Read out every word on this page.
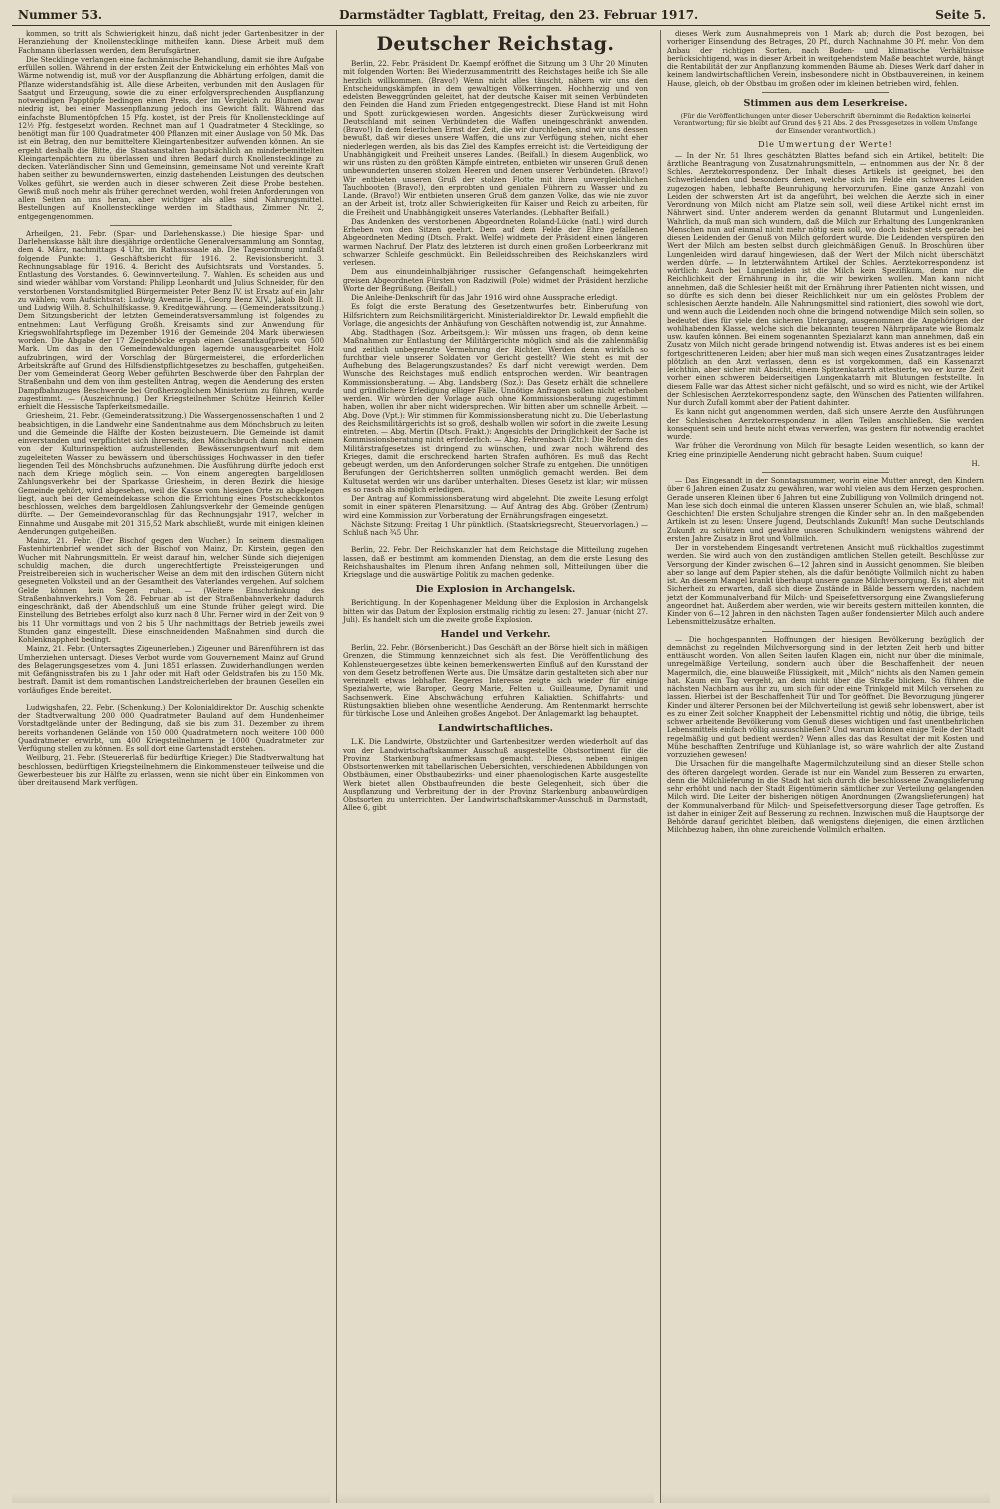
Nummer 53.	Darmstädter Tagblatt, Freitag, den 23. Februar 1917.	Seite 5.

kommen, so tritt als Schwierigkeit hinzu, daß nicht jeder Gartenbesitzer in der Heranziehung der Knollenstecklinge mitheifen kann. Diese Arbeit muß dem Fachmann überlassen werden, dem Berufsgärtner.

Die Stecklinge verlangen eine fachmännische Behandlung, damit sie ihre Aufgabe erfüllen sollen. Während in der ersten Zeit der Entwickelung ein erhöhtes Maß von Wärme notwendig ist, muß vor der Auspflanzung die Abhärtung erfolgen, damit die Pflanze widerstandsfähig ist. Alle diese Arbeiten, verbunden mit den Auslagen für Saatgut und Erzeugung, sowie die zu einer erfolgversprechenden Auspflanzung notwendigen Papptöpfe bedingen einen Preis, der im Vergleich zu Blumen zwar niedrig ist, bei einer Massenpflanzung jedoch ins Gewicht fällt. Während das einfachste Blumentöpfchen 15 Pfg. kostet, ist der Preis für Knollenstecklinge auf 12½ Pfg. festgesetzt worden. Rechnet man auf 1 Quadratmeter 4 Stecklinge, so benötigt man für 100 Quadratmeter 400 Pflanzen mit einer Auslage von 50 Mk. Das ist ein Betrag, den nur bemitteltere Kleingartenbesitzer aufwenden können. An sie ergeht deshalb die Bitte, die Staatsanstalten hauptsächlich an minderbemittelten Kleingartenpächtern zu überlassen und ihren Bedarf durch Knollenstecklinge zu decken. Vaterländischer Sinn und Gemeinsinn, gemeinsame Not und vereinte Kraft haben seither zu bewundernswerten, einzig dastehenden Leistungen des deutschen Volkes geführt, sie werden auch in dieser schweren Zeit diese Probe bestehen. Gewiß muß noch mehr als früher gerechnet werden, wohl freien Anforderungen von allen Seiten an uns heran, aber wichtiger als alles sind Nahrungsmittel. Bestellungen auf Knollenstecklinge werden im Stadthaus, Zimmer Nr. 2, entgegengenommen.

Arheilgen, 21. Febr. (Spar- und Darlehenskasse.) Die hiesige Spar- und Darlehenskasse hält ihre diesjährige ordentliche Generalversammlung am Sonntag, dem 4. März, nachmittags 4 Uhr, im Rathaussaale ab. Die Tagesordnung umfaßt folgende Punkte: 1. Geschäftsbericht für 1916. 2. Revisionsbericht. 3. Rechnungsablage für 1916. 4. Bericht des Aufsichtsrats und Vorstandes. 5. Entlastung des Vorstandes. 6. Gewinnverteilung. 7. Wahlen. Es scheiden aus und sind wieder wählbar vom Vorstand: Philipp Leonhardt und Julius Schneider, für den verstorbenen Vorstandsmitglied Bürgermeister Peter Benz IV. ist Ersatz auf ein Jahr zu wählen; vom Aufsichtsrat: Ludwig Avemarie II., Georg Benz XIV., Jakob Bolt II. und Ludwig Wilh. 8. Schulhilfskasse. 9. Kreditgewährung. — (Gemeinderatssitzung.) Dem Sitzungsbericht der letzten Gemeinderatsversammlung ist folgendes zu entnehmen: Laut Verfügung Großh. Kreisamts sind zur Anwendung für Kriegswohlfahrtspflege im Dezember 1916 der Gemeinde 204 Mark überwiesen worden. Die Abgabe der 17 Ziegenböcke ergab einen Gesamtkaufpreis von 500 Mark. Um das in den Gemeindewaldungen lagernde unausgearbeitet Holz aufzubringen, wird der Vorschlag der Bürgermeisterei, die erforderlichen Arbeitskräfte auf Grund des Hilfsdienstpflichtgesetzes zu beschaffen, gutgeheißen. Der vom Gemeinderat Georg Weber geführten Beschwerde über den Fahrplan der Straßenbahn und dem von ihm gestellten Antrag, wegen die Aenderung des ersten Dampfbahnzuges Beschwerde bei Großherzoglichem Ministerium zu führen, wurde zugestimmt. — (Auszeichnung.) Der Kriegsteilnehmer Schütze Heinrich Keller erhielt die Hessische Tapferkeitsmedaille.

Griesheim, 21. Febr. (Gemeinderatssitzung.) Die Wassergenossenschaften 1 und 2 beabsichtigen, in die Landwehr eine Sandentnahme aus dem Mönchsbruch zu leiten und die Gemeinde die Hälfte der Kosten beizusteuern. Die Gemeinde ist damit einverstanden und verpflichtet sich ihrerseits, den Mönchsbruch dann nach einem von der Kulturinspektion aufzustellenden Bewässerungsentwurf mit dem zugeleiteten Wasser zu bewässern und überschüssiges Hochwasser in den tiefer liegenden Teil des Mönchsbruchs aufzunehmen. Die Ausführung dürfte jedoch erst nach dem Kriege möglich sein. — Von einem angeregten bargeldlosen Zahlungsverkehr bei der Sparkasse Griesheim, in deren Bezirk die hiesige Gemeinde gehört, wird abgesehen, weil die Kasse vom hiesigen Orte zu abgelegen liegt, auch bei der Gemeindekasse schon die Errichtung eines Postscheckkontos beschlossen, welches dem bargeldlosen Zahlungsverkehr der Gemeinde genügen dürfte. — Der Gemeindevoranschlag für das Rechnungsjahr 1917, welcher in Einnahme und Ausgabe mit 201 315,52 Mark abschließt, wurde mit einigen kleinen Aenderungen gutgeheißen.

Mainz, 21. Febr. (Der Bischof gegen den Wucher.) In seinem diesmaligen Fastenhirtenbrief wendet sich der Bischof von Mainz, Dr. Kirstein, gegen den Wucher mit Nahrungsmitteln. Er weist darauf hin, welcher Sünde sich diejenigen schuldig machen, die durch ungerechtfertigte Preissteigerungen und Preistreibereien sich in wucherischer Weise an dem mit den irdischen Gütern nicht gesegneten Volksteil und an der Gesamtheit des Vaterlandes vergehen. Auf solchem Gelde können kein Segen ruhen. — (Weitere Einschränkung des Straßenbahnverkehrs.) Vom 28. Februar ab ist der Straßenbahnverkehr dadurch eingeschränkt, daß der Abendschluß um eine Stunde früher gelegt wird. Die Einstellung des Betriebes erfolgt also kurz nach 8 Uhr. Ferner wird in der Zeit von 9 bis 11 Uhr vormittags und von 2 bis 5 Uhr nachmittags der Betrieb jeweils zwei Stunden ganz eingestellt. Diese einschneidenden Maßnahmen sind durch die Kohlenknappheit bedingt.

Mainz, 21. Febr. (Untersagtes Zigeunerleben.) Zigeuner und Bärenführern ist das Umherziehen untersagt. Dieses Verbot wurde vom Gouvernement Mainz auf Grund des Belagerungsgesetzes vom 4. Juni 1851 erlassen. Zuwiderhandlungen werden mit Gefängnisstrafen bis zu 1 Jahr oder mit Haft oder Geldstrafen bis zu 150 Mk. bestraft. Damit ist dem romantischen Landstreicherleben der braunen Gesellen ein vorläufiges Ende bereitet.

Ludwigshafen, 22. Febr. (Schenkung.) Der Kolonialdirektor Dr. Auschig schenkte der Stadtverwaltung 200 000 Quadratmeter Bauland auf dem Hundenheimer Vorstadtgelände unter der Bedingung, daß sie bis zum 31. Dezember zu ihrem bereits vorhandenen Gelände von 150 000 Quadratmetern noch weitere 100 000 Quadratmeter erwirbt, um 400 Kriegsteilnehmern je 1000 Quadratmeter zur Verfügung stellen zu können. Es soll dort eine Gartenstadt erstehen.

Weilburg, 21. Febr. (Steuererlaß für bedürftige Krieger.) Die Stadtverwaltung hat beschlossen, bedürftigen Kriegsteilnehmern die Einkommensteuer teilweise und die Gewerbesteuer bis zur Hälfte zu erlassen, wenn sie nicht über ein Einkommen von über dreitausend Mark verfügen.

Deutscher Reichstag.

Berlin, 22. Febr. Präsident Dr. Kaempf eröffnet die Sitzung um 3 Uhr 20 Minuten mit folgenden Worten: Bei Wiederzusammentritt des Reichstages heiße ich Sie alle herzlich willkommen. (Bravo!) Wenn nicht alles täuscht, nähern wir uns den Entscheidungskämpfen in dem gewaltigen Völkerringen. Hochherzig und von edelsten Beweggründen geleitet, hat der deutsche Kaiser mit seinen Verbündeten den Feinden die Hand zum Frieden entgegengestreckt. Diese Hand ist mit Hohn und Spott zurückgewiesen worden. Angesichts dieser Zurückweisung wird Deutschland mit seinen Verbündeten die Waffen uneingeschränkt anwenden. (Bravo!) In dem feierlichen Ernst der Zeit, die wir durchleben, sind wir uns dessen bewußt, daß wir dieses unsere Waffen, die uns zur Verfügung stehen, nicht eher niederlegen werden, als bis das Ziel des Kampfes erreicht ist: die Verteidigung der Unabhängigkeit und Freiheit unseres Landes. (Beifall.) In diesem Augenblick, wo wir uns rüsten zu den größten Kämpfe eintreten, entbieten wir unseren Gruß denen unbewunderten unseren stolzen Heeren und denen unserer Verbündeten. (Bravo!) Wir entbieten unseren Gruß der stolzen Flotte mit ihren unvergleichlichen Tauchbooten (Bravo!), den erprobten und genialen Führern zu Wasser und zu Lande. (Bravo!) Wir entbieten unseren Gruß dem ganzen Volke, das wie nie zuvor an der Arbeit ist, trotz aller Schwierigkeiten für Kaiser und Reich zu arbeiten, für die Freiheit und Unabhängigkeit unseres Vaterlandes. (Lebhafter Beifall.)

Das Andenken des verstorbenen Abgeordneten Roland-Lücke (natl.) wird durch Erheben von den Sitzen geehrt. Dem auf dem Felde der Ehre gefallenen Abgeordneten Meding (Dtsch. Frakt. Welfe) widmete der Präsident einen längeren warmen Nachruf. Der Platz des letzteren ist durch einen großen Lorbeerkranz mit schwarzer Schleife geschmückt. Ein Beileidsschreiben des Reichskanzlers wird verlesen.

Dem aus einundeinhalbjähriger russischer Gefangenschaft heimgekehrten greisen Abgeordneten Fürsten von Radziwill (Pole) widmet der Präsident herzliche Worte der Begrüßung. (Beifall.)

Die Anleihe-Denkschrift für das Jahr 1916 wird ohne Aussprache erledigt.

Es folgt die erste Beratung des Gesetzentwurfes betr. Einberufung von Hilfsrichtern zum Reichsmilitärgericht. Ministerialdirektor Dr. Lewald empfiehlt die Vorlage, die angesichts der Anhäufung von Geschäften notwendig ist, zur Annahme.

Abg. Stadthagen (Soz. Arbeitsgem.): Wir müssen uns fragen, ob denn keine Maßnahmen zur Entlastung der Militärgerichte möglich sind als die zahlenmäßig und zeitlich unbegrenzte Vermehrung der Richter. Werden denn wirklich so furchtbar viele unserer Soldaten vor Gericht gestellt? Wie steht es mit der Aufhebung des Belagerungszustandes? Es darf nicht verewigt werden. Dem Wunsche des Reichstages muß endlich entsprochen werden. Wir beantragen Kommissionsberatung. — Abg. Landsberg (Soz.): Das Gesetz erhält die schnellere und gründlichere Erledigung elliger Fälle. Unnötige Anfragen sollen nicht erhoben werden. Wir würden der Vorlage auch ohne Kommissionsberatung zugestimmt haben, wollen ihr aber nicht widersprechen. Wir bitten aber um schnelle Arbeit. — Abg. Dove (Vpt.): Wir stimmen für Kommissionsberatung nicht zu. Die Ueberlastung des Reichsmilitärgerichts ist so groß, deshalb wollen wir sofort in die zweite Lesung eintreten. — Abg. Mertin (Dtsch. Frakt.): Angesichts der Dringlichkeit der Sache ist Kommissionsberatung nicht erforderlich. — Abg. Fehrenbach (Ztr.): Die Reform des Militärstrafgesetzes ist dringend zu wünschen, und zwar noch während des Krieges, damit die erschreckend harten Strafen aufhören. Es muß das Recht gebeugt werden, um den Anforderungen solcher Strafe zu entgehen. Die unnötigen Berufungen der Gerichtsherren sollten unmöglich gemacht werden. Bei dem Kultusetat werden wir uns darüber unterhalten. Dieses Gesetz ist klar; wir müssen es so rasch als möglich erledigen.

Der Antrag auf Kommissionsberatung wird abgelehnt. Die zweite Lesung erfolgt somit in einer späteren Plenarsitzung. — Auf Antrag des Abg. Gröber (Zentrum) wird eine Kommission zur Vorberatung der Ernährungsfragen eingesetzt.

Nächste Sitzung: Freitag 1 Uhr pünktlich. (Staatskriegsrecht, Steuervorlagen.) — Schluß nach ¾5 Uhr.

Berlin, 22. Febr. Der Reichskanzler hat dem Reichstage die Mitteilung zugehen lassen, daß er bestimmt am kommenden Dienstag, an dem die erste Lesung des Reichshaushaltes im Plenum ihren Anfang nehmen soll, Mitteilungen über die Kriegslage und die auswärtige Politik zu machen gedenke.

Die Explosion in Archangelsk.

Berichtigung. In der Kopenhagener Meldung über die Explosion in Archangelsk bitten wir das Datum der Explosion erstmalig richtig zu lesen: 27. Januar (nicht 27. Juli). Es handelt sich um die zweite große Explosion.

Handel und Verkehr.

Berlin, 22. Febr. (Börsenbericht.) Das Geschäft an der Börse hielt sich in mäßigen Grenzen, die Stimmung kennzeichnet sich als fest. Die Veröffentlichung des Kohlensteuergesetzes übte keinen bemerkenswerten Einfluß auf den Kursstand der von dem Gesetz betroffenen Werte aus. Die Umsätze darin gestalteten sich aber nur vereinzelt etwas lebhafter. Regeres Interesse zeigte sich wieder für einige Spezialwerte, wie Baroper, Georg Marie, Felten u. Guilleaume, Dynamit und Sachsenwerk. Eine Abschwächung erfuhren Kaliaktien. Schiffahrts- und Rüstungsaktien blieben ohne wesentliche Aenderung. Am Rentenmarkt herrschte für türkische Lose und Anleihen großes Angebot. Der Anlagemarkt lag behauptet.

Landwirtschaftliches.

L.K. Die Landwirte, Obstzüchter und Gartenbesitzer werden wiederholt auf das von der Landwirtschaftskammer Ausschuß ausgestellte Obstsortiment für die Provinz Starkenburg aufmerksam gemacht. Dieses, neben einigen Obstsortenwerken mit tabellarischen Uebersichten, verschiedenen Abbildungen von Obstbäumen, einer Obstbaubezirks- und einer phaenologischen Karte ausgestellte Werk bietet allen Obstbaufreunden die beste Gelegenheit, sich über die Auspflanzung und Verbreitung der in der Provinz Starkenburg anbauwürdigen Obstsorten zu unterrichten. Der Landwirtschaftskammer-Ausschuß in Darmstadt, Allee 6, gibt

dieses Werk zum Ausnahmepreis von 1 Mark ab; durch die Post bezogen, bei vorheriger Einsendung des Betrages, 20 Pf., durch Nachnahme 30 Pf. mehr. Von dem Anbau der richtigen Sorten, nach Boden- und klimatische Verhältnisse berücksichtigend, was in dieser Arbeit in weitgehendstem Maße beachtet wurde, hängt die Rentabilität der zur Anpflanzung kommenden Bäume ab. Dieses Werk darf daher in keinem landwirtschaftlichen Verein, insbesondere nicht in Obstbauvereinen, in keinem Hause, gleich, ob der Obstbau im großen oder im kleinen betrieben wird, fehlen.

Stimmen aus dem Leserkreise.
(Für die Veröffentlichungen unter dieser Ueberschrift übernimmt die Redaktion keinerlei Verantwortung; für sie bleibt auf Grund des § 21 Abs. 2 des Pressgesetzes in vollem Umfange der Einsender verantwortlich.)
Die Umwertung der Werte!

— In der Nr. 51 Ihres geschätzten Blattes befand sich ein Artikel, betitelt: Die ärztliche Beantragung von Zusatznahrungsmitteln, — entnommen aus der Nr. 8 der Schles. Aerztekorrespondenz. Der Inhalt dieses Artikels ist geeignet, bei den Schwerleidenden und besonders denen, welche sich im Felde ein schweres Leiden zugezogen haben, lebhafte Beunruhigung hervorzurufen. Eine ganze Anzahl von Leiden der schwersten Art ist da angeführt, bei welchen die Aerzte sich in einer Verordnung von Milch nicht am Platze sein soll, weil diese Artikel nicht ernst im Nährwert sind. Unter anderem werden da genannt Blutarmut und Lungenleiden. Wahrlich, da muß man sich wundern, daß die Milch zur Erhaltung des Lungenkranken Menschen nun auf einmal nicht mehr nötig sein soll, wo doch bisher stets gerade bei diesen Leidenden der Genuß von Milch gefordert wurde. Die Leidenden verspüren den Wert der Milch am besten selbst durch gleichmäßigen Genuß. In Broschüren über Lungenleiden wird darauf hingewiesen, daß der Wert der Milch nicht überschätzt werden dürfe. — In letzterwähntem Artikel der Schles. Aerztekorrespondenz ist wörtlich: Auch bei Lungenleiden ist die Milch kein Spezifikum, denn nur die Reichlichkeit der Ernährung in ihr, die wir bewirken wollen. Man kann nicht annehmen, daß die Schlesier heißt mit der Ernährung ihrer Patienten nicht wissen, und so dürfte es sich denn bei dieser Reichlichkeit nur um ein gelöstes Problem der schlesischen Aerzte handeln. Alle Nahrungsmittel sind rationiert, dies sowohl wie dort, und wenn auch die Leidenden noch ohne die bringend notwendige Milch sein sollen, so bedeutet dies für viele den sicheren Untergang, ausgenommen die Angehörigen der wohlhabenden Klasse, welche sich die bekannten teueren Nährpräparate wie Biomalz usw. kaufen können. Bei einem sogenannten Spezialarzt kann man annehmen, daß ein Zusatz von Milch nicht gerade bringend notwendig ist. Etwas anderes ist es bei einem fortgeschritteneren Leiden; aber hier muß man sich wegen eines Zusatzantrages leider plötzlich an den Arzt verlassen, denn es ist vorgekommen, daß ein Kassenarzt leichthin, aber sicher mit Absicht, einem Spitzenkatarrh attestierte, wo er kurze Zeit vorher einen schweren beiderseitigen Lungenkatarrh mit Blutungen feststellte. In diesem Falle war das Attest sicher nicht gefälscht, und so wird es nicht, wie der Artikel der Schlesischen Aerztekorrespondenz sagte, den Wünschen des Patienten willfahren. Nur durch Zufall kommt aber der Patient dahinter.

Es kann nicht gut angenommen werden, daß sich unsere Aerzte den Ausführungen der Schlesischen Aerztekorrespondenz in allen Teilen anschließen. Sie werden konsequent sein und heute nicht etwas verwerfen, was gestern für notwendig erachtet wurde.

War früher die Verordnung von Milch für besagte Leiden wesentlich, so kann der Krieg eine prinzipielle Aenderung nicht gebracht haben. Suum cuique!

H.

— Das Eingesandt in der Sonntagsnummer, worin eine Mutter anregt, den Kindern über 6 Jahren einen Zusatz zu gewähren, war wohl vielen aus dem Herzen gesprochen. Gerade unseren Kleinen über 6 Jahren tut eine Zubilligung von Vollmilch dringend not. Man lese sich doch einmal die unteren Klassen unserer Schulen an, wie blaß, schmal! Geschichten! Die ersten Schuljahre strengen die Kinder sehr an. In den maßgebenden Artikeln ist zu lesen: Unsere Jugend, Deutschlands Zukunft! Man suche Deutschlands Zukunft zu schützen und gewähre unseren Schulkindern wenigstens während der ersten Jahre Zusatz in Brot und Vollmilch.

Der in vorstehendem Eingesandt vertretenen Ansicht muß rückhaltlos zugestimmt werden. Sie wird auch von den zuständigen amtlichen Stellen geteilt. Beschlüsse zur Versorgung der Kinder zwischen 6—12 Jahren sind in Aussicht genommen. Sie bleiben aber so lange auf dem Papier stehen, als die dafür benötigte Vollmilch nicht zu haben ist. An diesem Mangel krankt überhaupt unsere ganze Milchversorgung. Es ist aber mit Sicherheit zu erwarten, daß sich diese Zustände in Bälde bessern werden, nachdem jetzt der Kommunalverband für Milch- und Speisefettversorgung eine Zwangslieferung angeordnet hat. Außerdem aber werden, wie wir bereits gestern mitteilen konnten, die Kinder von 6—12 Jahren in den nächsten Tagen außer fondensierter Milch auch andere Lebensmittelzusätze erhalten.

— Die hochgespannten Hoffnungen der hiesigen Bevölkerung bezüglich der demnächst zu regelnden Milchversorgung sind in der letzten Zeit herb und bitter enttäuscht worden. Von allen Seiten laufen Klagen ein, nicht nur über die minimale, unregelmäßige Verteilung, sondern auch über die Beschaffenheit der neuen Magermilch, die, eine blauweiße Flüssigkeit, mit „Milch“ nichts als den Namen gemein hat. Kaum ein Tag vergeht, an dem nicht über die Straße blicken. So führen die nächsten Nachbarn aus ihr zu, um sich für oder eine Trinkgeld mit Milch versehen zu lassen. Hierbei ist der Beschaffenheit Tür und Tor geöffnet. Die Bevorzugung jüngerer Kinder und älterer Personen bei der Milchverteilung ist gewiß sehr lobenswert, aber ist es zu einer Zeit solcher Knappheit der Lebensmittel richtig und nötig, die übrige, teils schwer arbeitende Bevölkerung vom Genuß dieses wichtigen und fast unentbehrlichen Lebensmittels einfach völlig auszuschließen? Und warum können einige Teile der Stadt regelmäßig und gut bedient werden? Wenn alles das das Resultat der mit Kosten und Mühe beschafften Zentrifuge und Kühlanlage ist, so wäre wahrlich der alte Zustand vorzuziehen gewesen!

Die Ursachen für die mangelhafte Magermilchzuteilung sind an dieser Stelle schon des öfteren dargelegt worden. Gerade ist nur ein Wandel zum Besseren zu erwarten, denn die Milchlieferung in die Stadt hat sich durch die beschlossene Zwangslieferung sehr erhöht und nach der Stadt Eigentümerin sämtlicher zur Verteilung gelangenden Milch wird. Die Leiter der bisherigen nötigen Anordnungen (Zwangslieferungen) hat der Kommunalverband für Milch- und Speisefettversorgung dieser Tage getroffen. Es ist daher in einiger Zeit auf Besserung zu rechnen. Inzwischen muß die Hauptsorge der Behörde darauf gerichtet bleiben, daß wenigstens diejenigen, die einen ärztlichen Milchbezug haben, ihn ohne zureichende Vollmilch erhalten.
